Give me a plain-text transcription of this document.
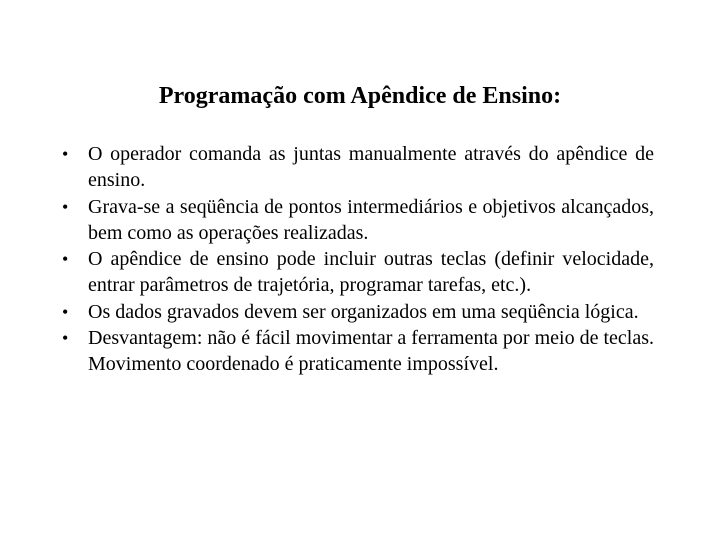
Programação com Apêndice de Ensino:
• O operador comanda as juntas manualmente através do apêndice de ensino.
• Grava-se a seqüência de pontos intermediários e objetivos alcançados, bem como as operações realizadas.
• O apêndice de ensino pode incluir outras teclas (definir velocidade, entrar parâmetros de trajetória, programar tarefas, etc.).
• Os dados gravados devem ser organizados em uma seqüência lógica.
• Desvantagem: não é fácil movimentar a ferramenta por meio de teclas. Movimento coordenado é praticamente impossível.
